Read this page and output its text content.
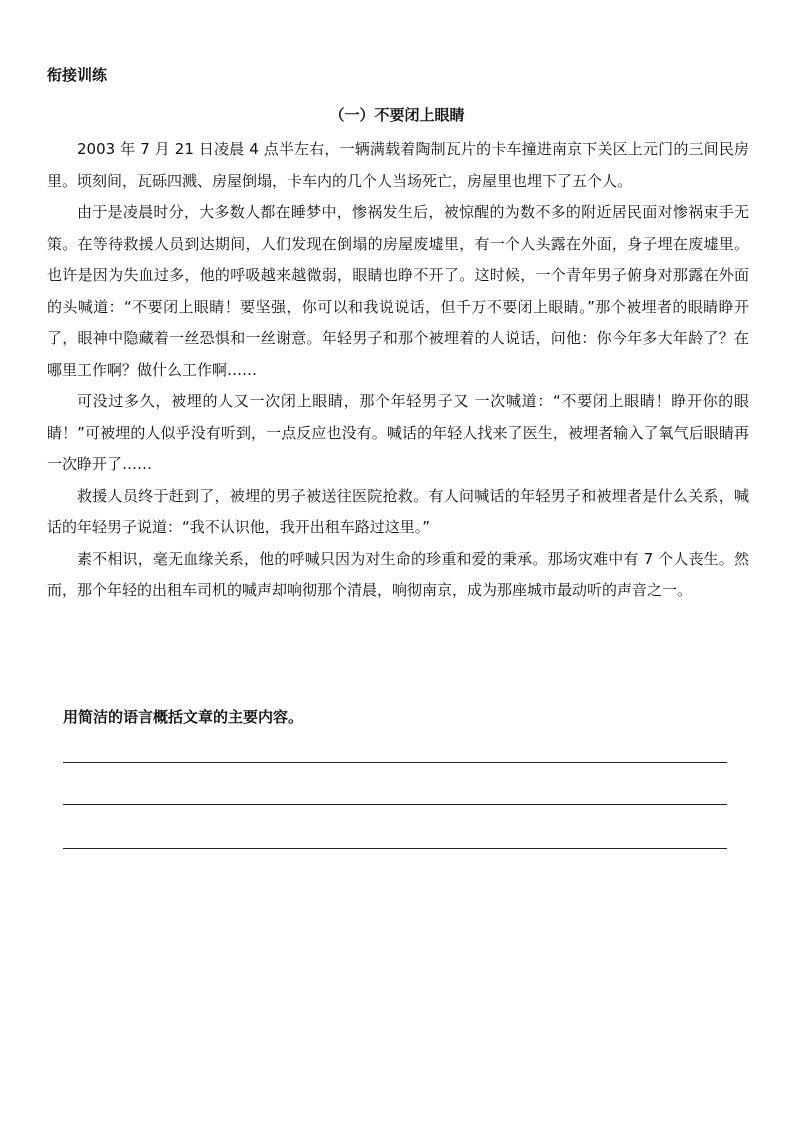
衔接训练
（一）不要闭上眼睛

2003 年 7 月 21 日凌晨 4 点半左右，一辆满载着陶制瓦片的卡车撞进南京下关区上元门的三间民房里。顷刻间，瓦砾四溅、房屋倒塌，卡车内的几个人当场死亡，房屋里也埋下了五个人。

由于是凌晨时分，大多数人都在睡梦中，惨祸发生后，被惊醒的为数不多的附近居民面对惨祸束手无策。在等待救援人员到达期间，人们发现在倒塌的房屋废墟里，有一个人头露在外面，身子埋在废墟里。也许是因为失血过多，他的呼吸越来越微弱，眼睛也睁不开了。这时候，一个青年男子俯身对那露在外面的头喊道：“不要闭上眼睛！要坚强，你可以和我说说话，但千万不要闭上眼睛。”那个被埋者的眼睛睁开了，眼神中隐藏着一丝恐惧和一丝谢意。年轻男子和那个被埋着的人说话，问他：你今年多大年龄了？在哪里工作啊？做什么工作啊……

可没过多久，被埋的人又一次闭上眼睛，那个年轻男子又 一次喊道：“不要闭上眼睛！睁开你的眼睛！”可被埋的人似乎没有听到，一点反应也没有。喊话的年轻人找来了医生，被埋者输入了氧气后眼睛再一次睁开了……

救援人员终于赶到了，被埋的男子被送往医院抢救。有人问喊话的年轻男子和被埋者是什么关系，喊话的年轻男子说道：“我不认识他，我开出租车路过这里。”

素不相识，毫无血缘关系，他的呼喊只因为对生命的珍重和爱的秉承。那场灾难中有 7 个人丧生。然而，那个年轻的出租车司机的喊声却响彻那个清晨，响彻南京，成为那座城市最动听的声音之一。

用简洁的语言概括文章的主要内容。
